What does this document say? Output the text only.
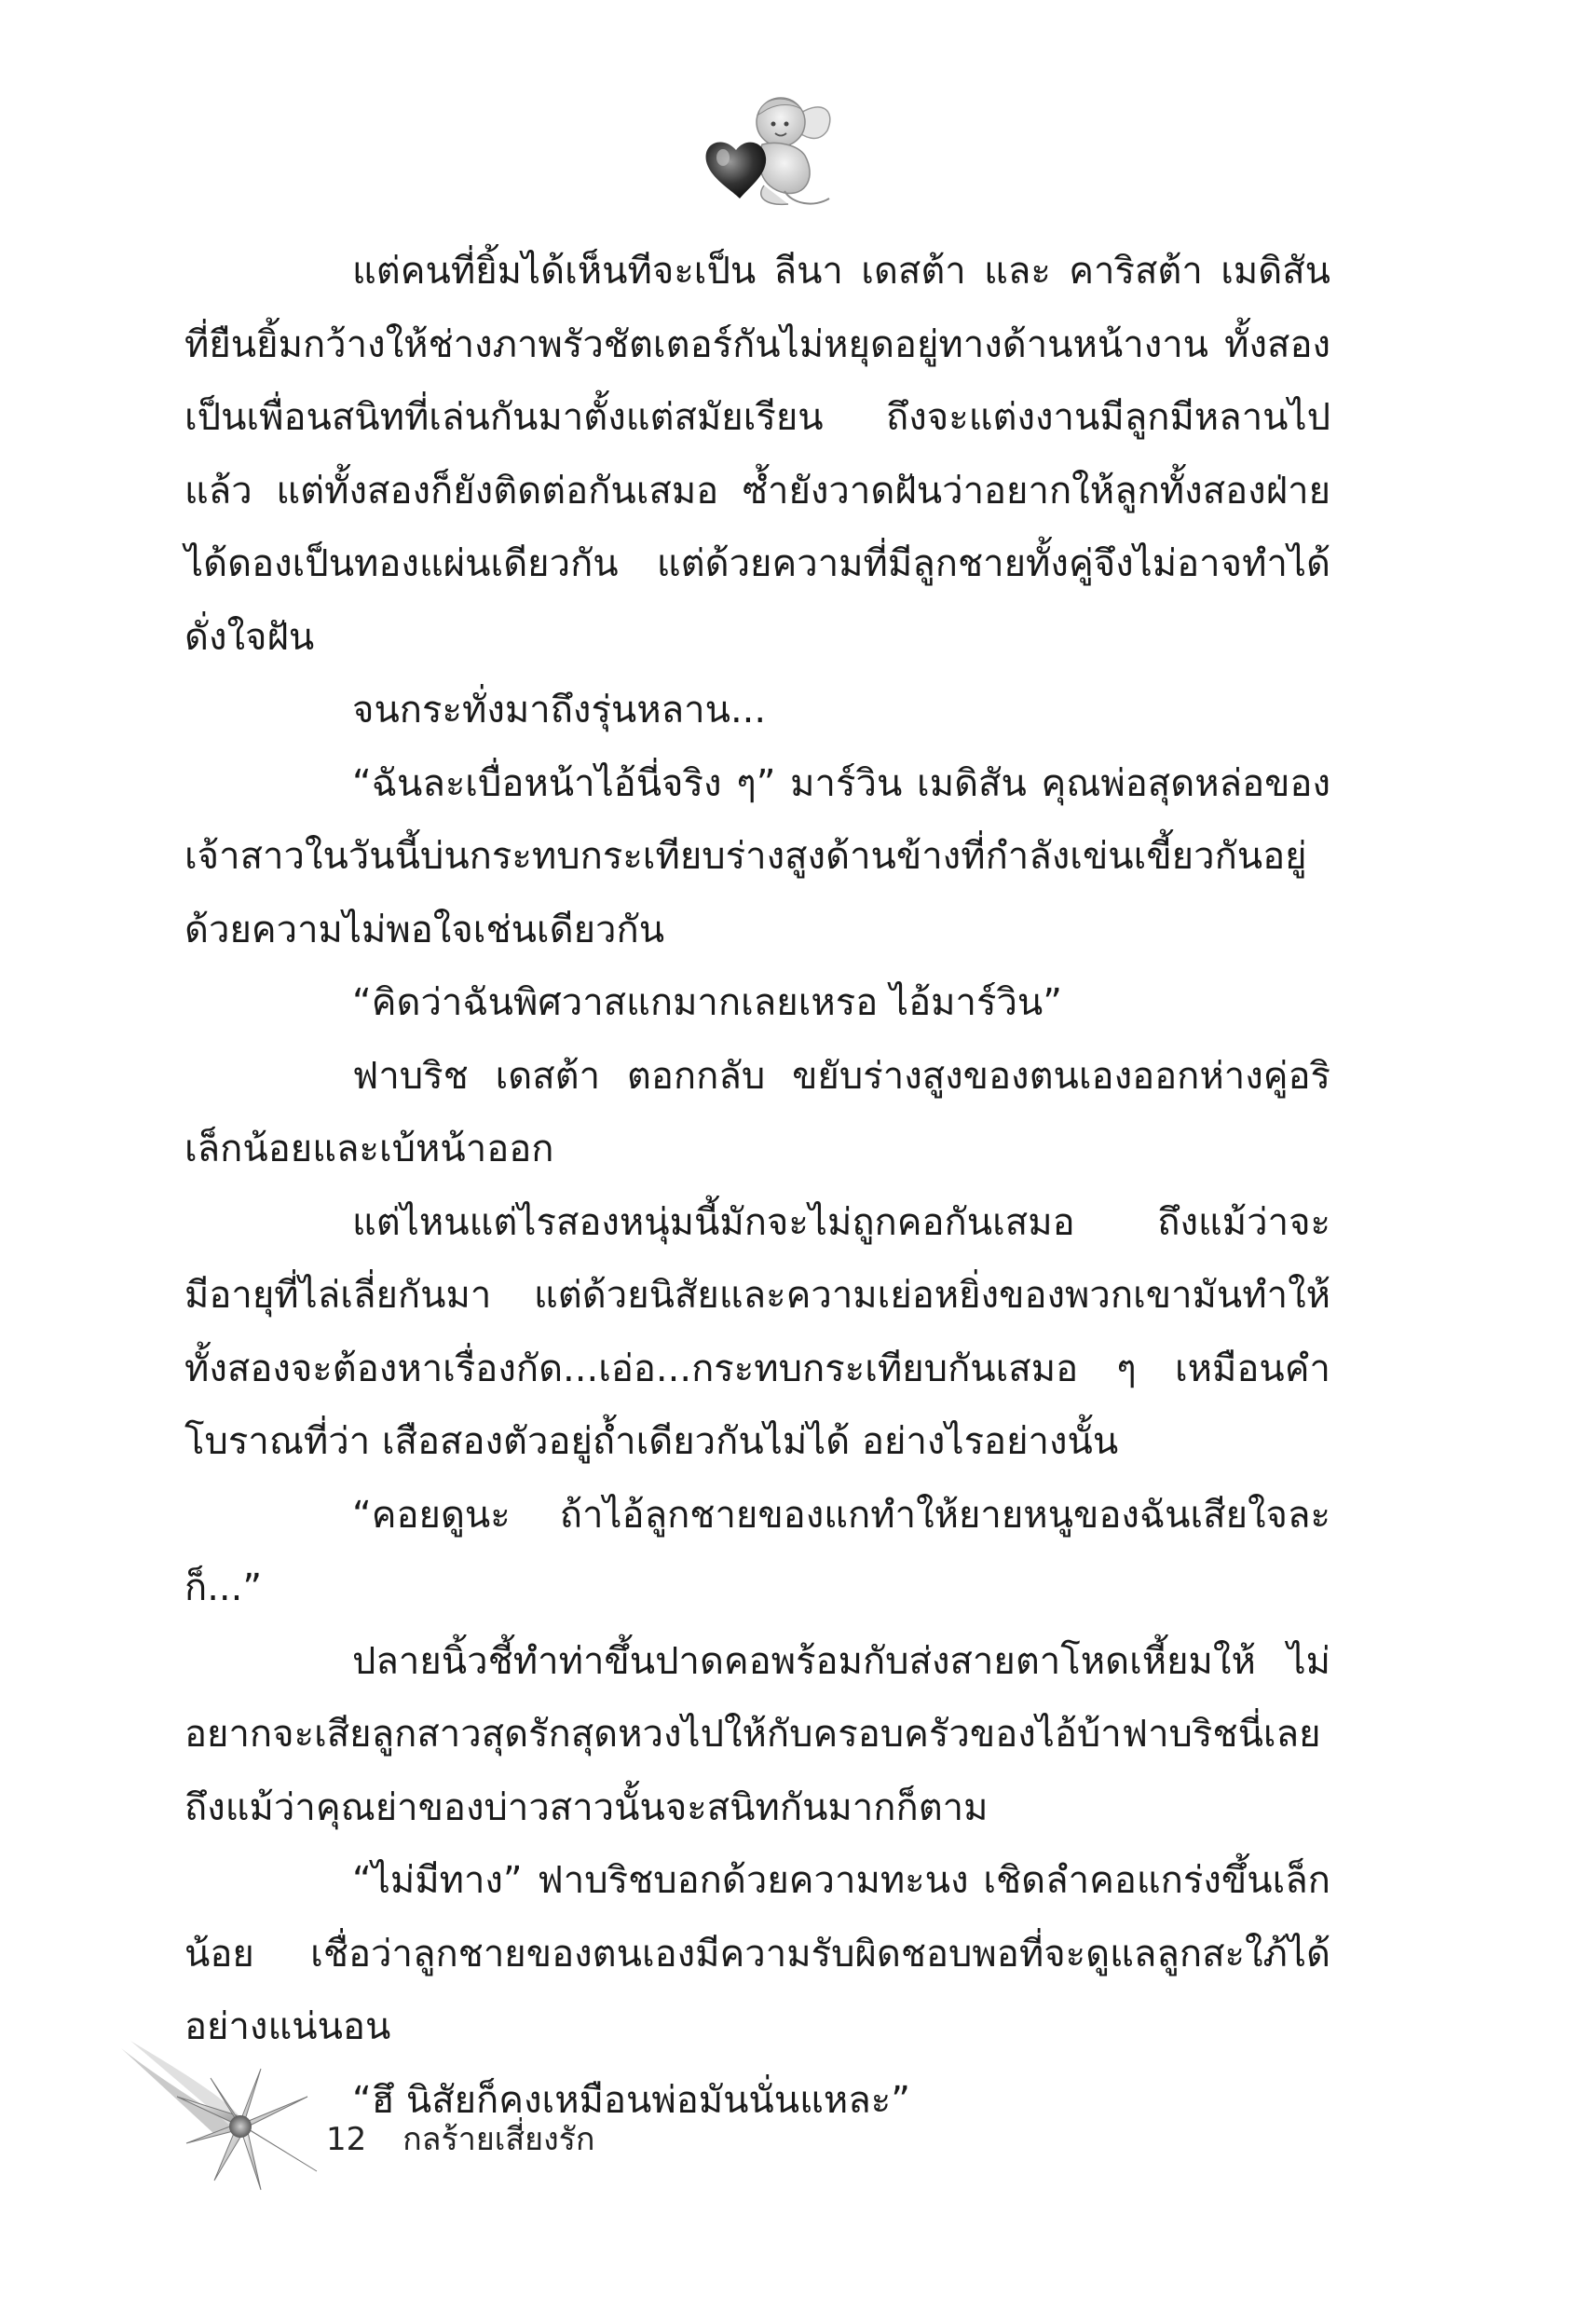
แต่คนที่ยิ้มได้เห็นทีจะเป็น ลีนา เดสต้า และ คาริสต้า เมดิสัน ที่ยืนยิ้มกว้างให้ช่างภาพรัวชัตเตอร์กันไม่หยุดอยู่ทางด้านหน้างาน ทั้งสองเป็นเพื่อนสนิทที่เล่นกันมาตั้งแต่สมัยเรียน ถึงจะแต่งงานมีลูกมีหลานไปแล้ว แต่ทั้งสองก็ยังติดต่อกันเสมอ ซ้ำยังวาดฝันว่าอยากให้ลูกทั้งสองฝ่ายได้ดองเป็นทองแผ่นเดียวกัน แต่ด้วยความที่มีลูกชายทั้งคู่จึงไม่อาจทำได้ดั่งใจฝัน

จนกระทั่งมาถึงรุ่นหลาน...

“ฉันละเบื่อหน้าไอ้นี่จริง ๆ” มาร์วิน เมดิสัน คุณพ่อสุดหล่อของเจ้าสาวในวันนี้บ่นกระทบกระเทียบร่างสูงด้านข้างที่กำลังเข่นเขี้ยวกันอยู่ด้วยความไม่พอใจเช่นเดียวกัน

“คิดว่าฉันพิศวาสแกมากเลยเหรอ ไอ้มาร์วิน”

ฟาบริช เดสต้า ตอกกลับ ขยับร่างสูงของตนเองออกห่างคู่อริเล็กน้อยและเบ้หน้าออก

แต่ไหนแต่ไรสองหนุ่มนี้มักจะไม่ถูกคอกันเสมอ ถึงแม้ว่าจะมีอายุที่ไล่เลี่ยกันมา แต่ด้วยนิสัยและความเย่อหยิ่งของพวกเขามันทำให้ทั้งสองจะต้องหาเรื่องกัด...เอ่อ...กระทบกระเทียบกันเสมอ ๆ เหมือนคำโบราณที่ว่า เสือสองตัวอยู่ถ้ำเดียวกันไม่ได้ อย่างไรอย่างนั้น

“คอยดูนะ ถ้าไอ้ลูกชายของแกทำให้ยายหนูของฉันเสียใจละก็...”

ปลายนิ้วชี้ทำท่าขึ้นปาดคอพร้อมกับส่งสายตาโหดเหี้ยมให้ ไม่อยากจะเสียลูกสาวสุดรักสุดหวงไปให้กับครอบครัวของไอ้บ้าฟาบริชนี่เลย ถึงแม้ว่าคุณย่าของบ่าวสาวนั้นจะสนิทกันมากก็ตาม

“ไม่มีทาง” ฟาบริชบอกด้วยความทะนง เชิดลำคอแกร่งขึ้นเล็กน้อย เชื่อว่าลูกชายของตนเองมีความรับผิดชอบพอที่จะดูแลลูกสะใภ้ได้อย่างแน่นอน

“ฮึ นิสัยก็คงเหมือนพ่อมันนั่นแหละ”

12 กลร้ายเสี่ยงรัก
